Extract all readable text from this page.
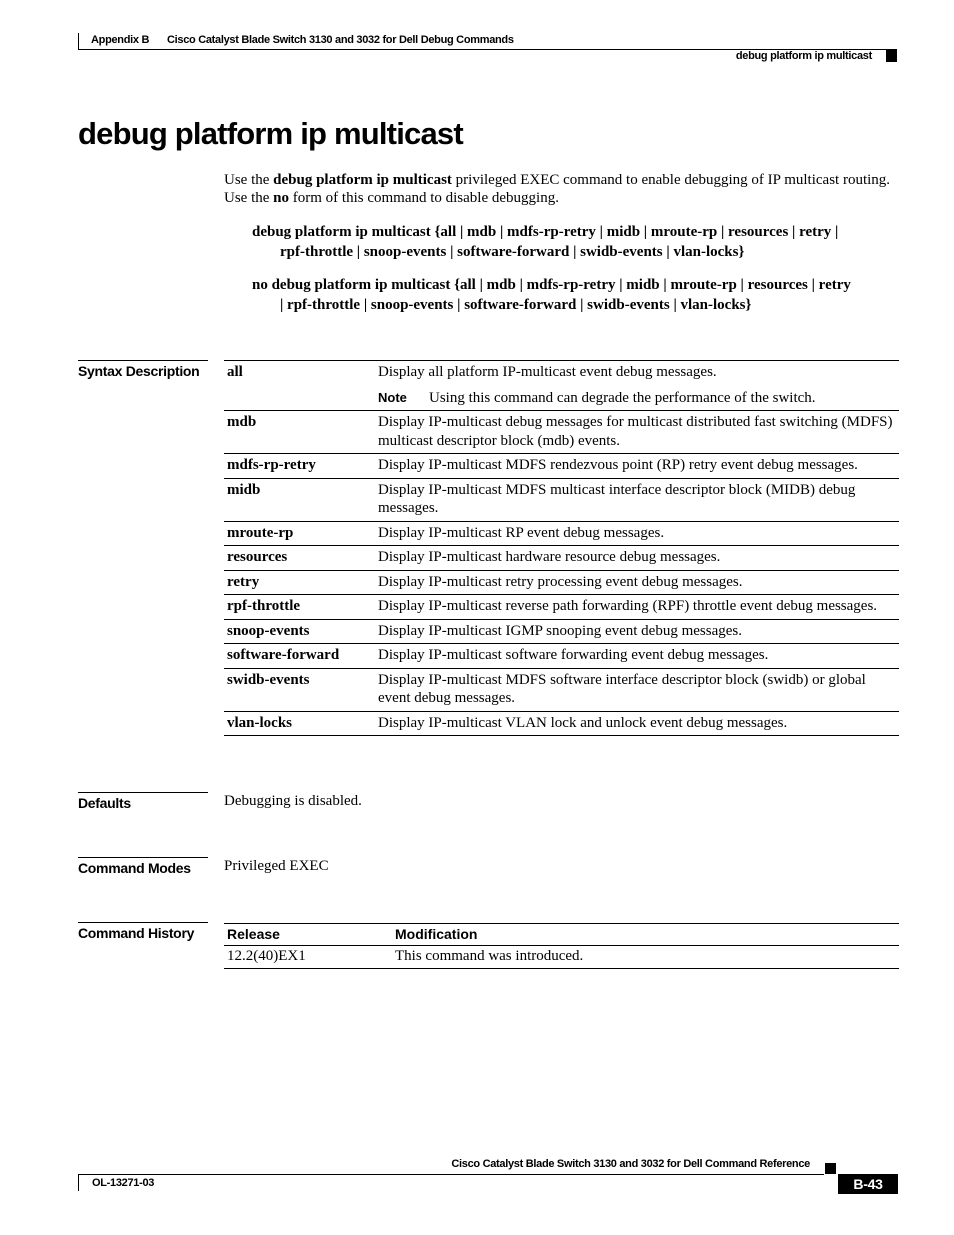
Appendix B Cisco Catalyst Blade Switch 3130 and 3032 for Dell Debug Commands
debug platform ip multicast
debug platform ip multicast
Use the debug platform ip multicast privileged EXEC command to enable debugging of IP multicast routing. Use the no form of this command to disable debugging.
debug platform ip multicast {all | mdb | mdfs-rp-retry | midb | mroute-rp | resources | retry |
rpf-throttle | snoop-events | software-forward | swidb-events | vlan-locks}
no debug platform ip multicast {all | mdb | mdfs-rp-retry | midb | mroute-rp | resources | retry
| rpf-throttle | snoop-events | software-forward | swidb-events | vlan-locks}
Syntax Description	all	Display all platform IP-multicast event debug messages.
Note Using this command can degrade the performance of the switch.

mdb	Display IP-multicast debug messages for multicast distributed fast switching (MDFS) multicast descriptor block (mdb) events.
mdfs-rp-retry	Display IP-multicast MDFS rendezvous point (RP) retry event debug messages.
midb	Display IP-multicast MDFS multicast interface descriptor block (MIDB) debug messages.
mroute-rp	Display IP-multicast RP event debug messages.
resources	Display IP-multicast hardware resource debug messages.
retry	Display IP-multicast retry processing event debug messages.
rpf-throttle	Display IP-multicast reverse path forwarding (RPF) throttle event debug messages.
snoop-events	Display IP-multicast IGMP snooping event debug messages.
software-forward	Display IP-multicast software forwarding event debug messages.
swidb-events	Display IP-multicast MDFS software interface descriptor block (swidb) or global event debug messages.
vlan-locks	Display IP-multicast VLAN lock and unlock event debug messages.
Defaults	Debugging is disabled.
Command Modes	Privileged EXEC
Command History	Release	Modification
12.2(40)EX1	This command was introduced.
Cisco Catalyst Blade Switch 3130 and 3032 for Dell Command Reference
OL-13271-03	B-43
